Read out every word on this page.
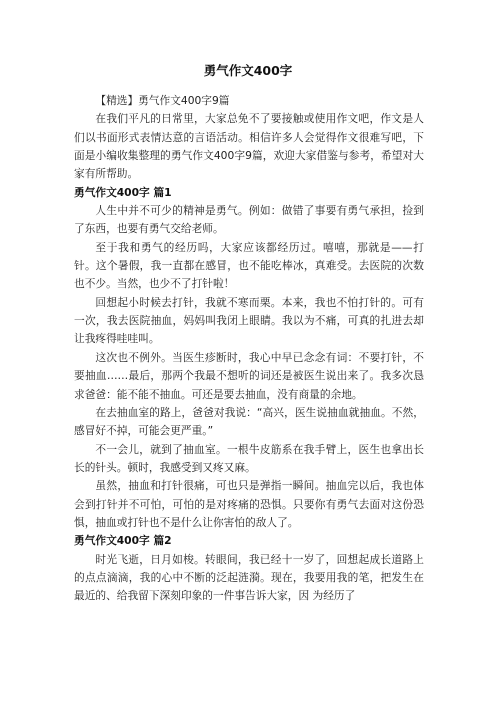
勇气作文400字

【精选】勇气作文400字9篇

在我们平凡的日常里，大家总免不了要接触或使用作文吧，作文是人们以书面形式表情达意的言语活动。相信许多人会觉得作文很难写吧，下面是小编收集整理的勇气作文400字9篇，欢迎大家借鉴与参考，希望对大家有所帮助。

勇气作文400字 篇1

人生中并不可少的精神是勇气。例如：做错了事要有勇气承担，捡到了东西，也要有勇气交给老师。

至于我和勇气的经历吗，大家应该都经历过。嘻嘻，那就是——打针。这个暑假，我一直都在感冒，也不能吃棒冰，真难受。去医院的次数也不少。当然，也少不了打针啦！

回想起小时候去打针，我就不寒而栗。本来，我也不怕打针的。可有一次，我去医院抽血，妈妈叫我闭上眼睛。我以为不痛，可真的扎进去却让我疼得哇哇叫。

这次也不例外。当医生疹断时，我心中早已念念有词：不要打针，不要抽血……最后，那两个我最不想听的词还是被医生说出来了。我多次恳求爸爸：能不能不抽血。可还是要去抽血，没有商量的余地。

在去抽血室的路上，爸爸对我说：“高兴，医生说抽血就抽血。不然，感冒好不掉，可能会更严重。”

不一会儿，就到了抽血室。一根牛皮筋系在我手臂上，医生也拿出长长的针头。顿时，我感受到又疼又麻。

虽然，抽血和打针很痛，可也只是弹指一瞬间。抽血完以后，我也体会到打针并不可怕，可怕的是对疼痛的恐惧。只要你有勇气去面对这份恐惧，抽血或打针也不是什么让你害怕的敌人了。

勇气作文400字 篇2

时光飞逝，日月如梭。转眼间，我已经十一岁了，回想起成长道路上的点点滴滴，我的心中不断的泛起涟漪。现在，我要用我的笔，把发生在最近的、给我留下深刻印象的一件事告诉大家，因 为经历了
